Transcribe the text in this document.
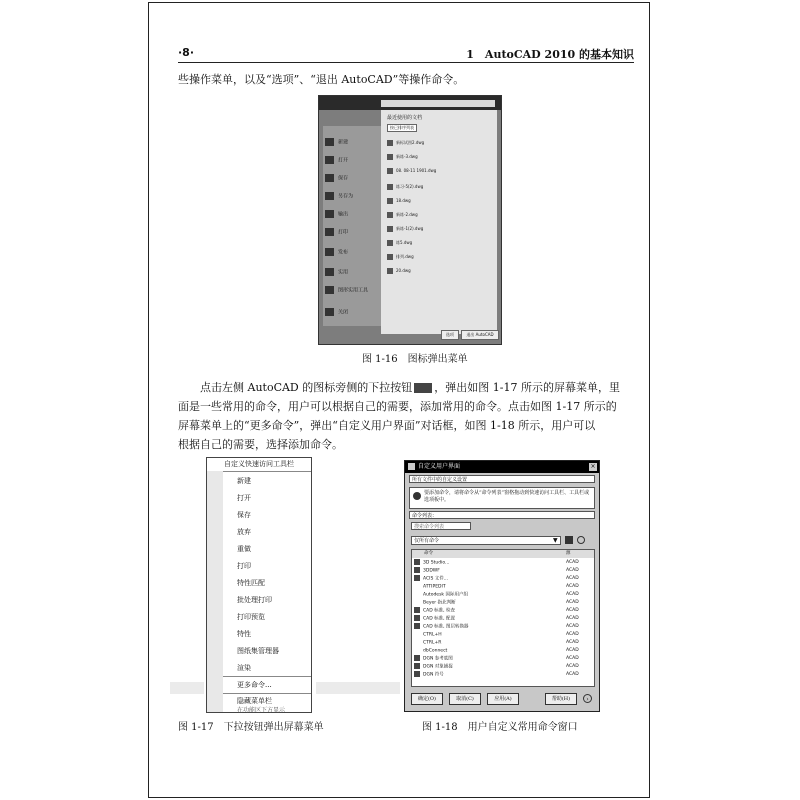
·8·	1　AutoCAD 2010 的基本知识
些操作菜单，以及“选项”、“退出 AutoCAD”等操作命令。
最近使用的文档
按已排序列表
新建
打开
保存
另存为
输出
打印
发布
实用
图形实用工具
关闭
新标试图2.dwg
新练-3.dwg
08. 08-11 1901.dwg
练习-5(2).dwg
18.dwg
新练-2.dwg
新练-1(2).dwg
练5.dwg
排列.dwg
20.dwg
选项	退出 AutoCAD
图 1-16　图标弹出菜单
点击左侧 AutoCAD 的图标旁侧的下拉按钮 ，弹出如图 1-17 所示的屏幕菜单，里
面是一些常用的命令，用户可以根据自己的需要，添加常用的命令。点击如图 1-17 所示的
屏幕菜单上的“更多命令”，弹出“自定义用户界面”对话框，如图 1-18 所示，用户可以
根据自己的需要，选择添加命令。
自定义快速访问工具栏
新建
打开
保存
放弃
重做
打印
特性匹配
批处理打印
打印预览
特性
图纸集管理器
渲染
更多命令...
隐藏菜单栏
在功能区下方显示
图 1-17　下拉按钮弹出屏幕菜单
自定义用户界面	×
所有文件中的自定义设置
要添加命令，请将命令从“命令列表”窗格拖动到快速访问工具栏、工具栏或选项板中。
命令列表：
搜索命令列表
仅所有命令	▼
命令	源
3D Studio...	ACAD
3DDWF	ACAD
ACIS 文件...	ACAD
ATTIPEDIT	ACAD
Autodesk 国际用户组	ACAD
Beyer 指北判断	ACAD
CAD 标准, 检查	ACAD
CAD 标准, 配置	ACAD
CAD 标准, 图层转换器	ACAD
CTRL+H	ACAD
CTRL+R	ACAD
dbConnect	ACAD
DGN 参考底图	ACAD
DGN 对象捕捉	ACAD
DGN 符号	ACAD
确定(O)	取消(C)	应用(A)	帮助(H)	›
图 1-18　用户自定义常用命令窗口
